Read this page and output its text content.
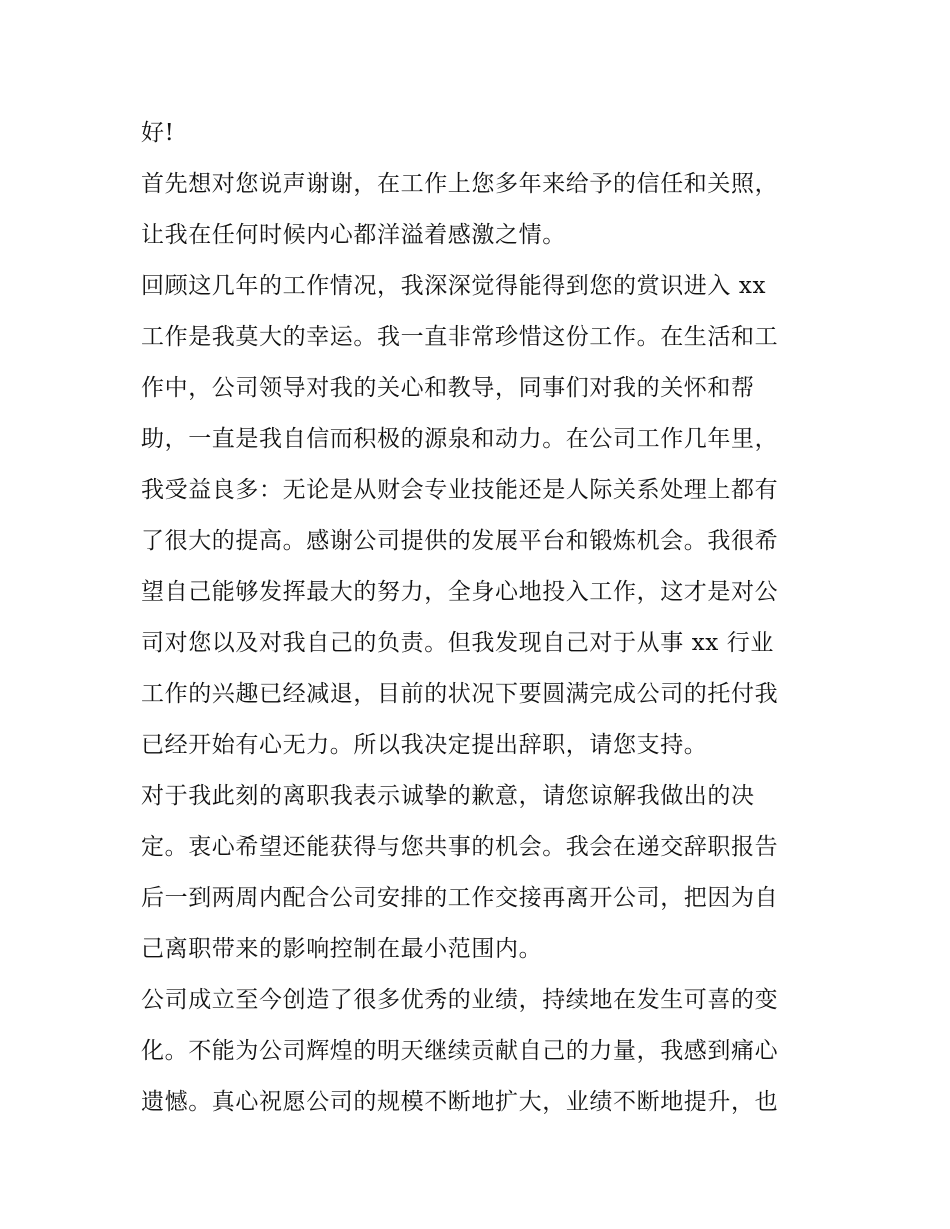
好!
首先想对您说声谢谢，在工作上您多年来给予的信任和关照，
让我在任何时候内心都洋溢着感激之情。
回顾这几年的工作情况，我深深觉得能得到您的赏识进入 xx
工作是我莫大的幸运。我一直非常珍惜这份工作。在生活和工
作中，公司领导对我的关心和教导，同事们对我的关怀和帮
助，一直是我自信而积极的源泉和动力。在公司工作几年里，
我受益良多：无论是从财会专业技能还是人际关系处理上都有
了很大的提高。感谢公司提供的发展平台和锻炼机会。我很希
望自己能够发挥最大的努力，全身心地投入工作，这才是对公
司对您以及对我自己的负责。但我发现自己对于从事 xx 行业
工作的兴趣已经减退，目前的状况下要圆满完成公司的托付我
已经开始有心无力。所以我决定提出辞职，请您支持。
对于我此刻的离职我表示诚挚的歉意，请您谅解我做出的决
定。衷心希望还能获得与您共事的机会。我会在递交辞职报告
后一到两周内配合公司安排的工作交接再离开公司，把因为自
己离职带来的影响控制在最小范围内。
公司成立至今创造了很多优秀的业绩，持续地在发生可喜的变
化。不能为公司辉煌的明天继续贡献自己的力量，我感到痛心
遗憾。真心祝愿公司的规模不断地扩大，业绩不断地提升，也
